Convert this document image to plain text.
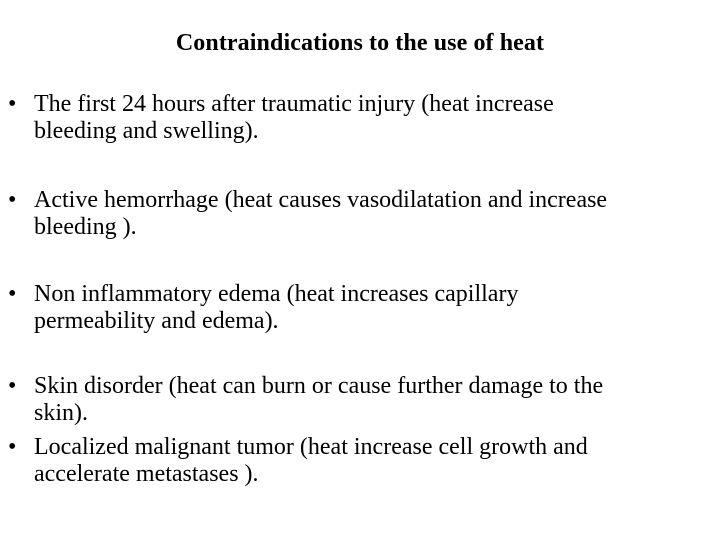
Contraindications to the use of heat
• The first 24 hours after traumatic injury (heat increase
bleeding and swelling).
• Active hemorrhage (heat causes vasodilatation and increase
bleeding ).
• Non inflammatory edema (heat increases capillary
permeability and edema).
• Skin disorder (heat can burn or cause further damage to the
skin).
• Localized malignant tumor (heat increase cell growth and
accelerate metastases ).
